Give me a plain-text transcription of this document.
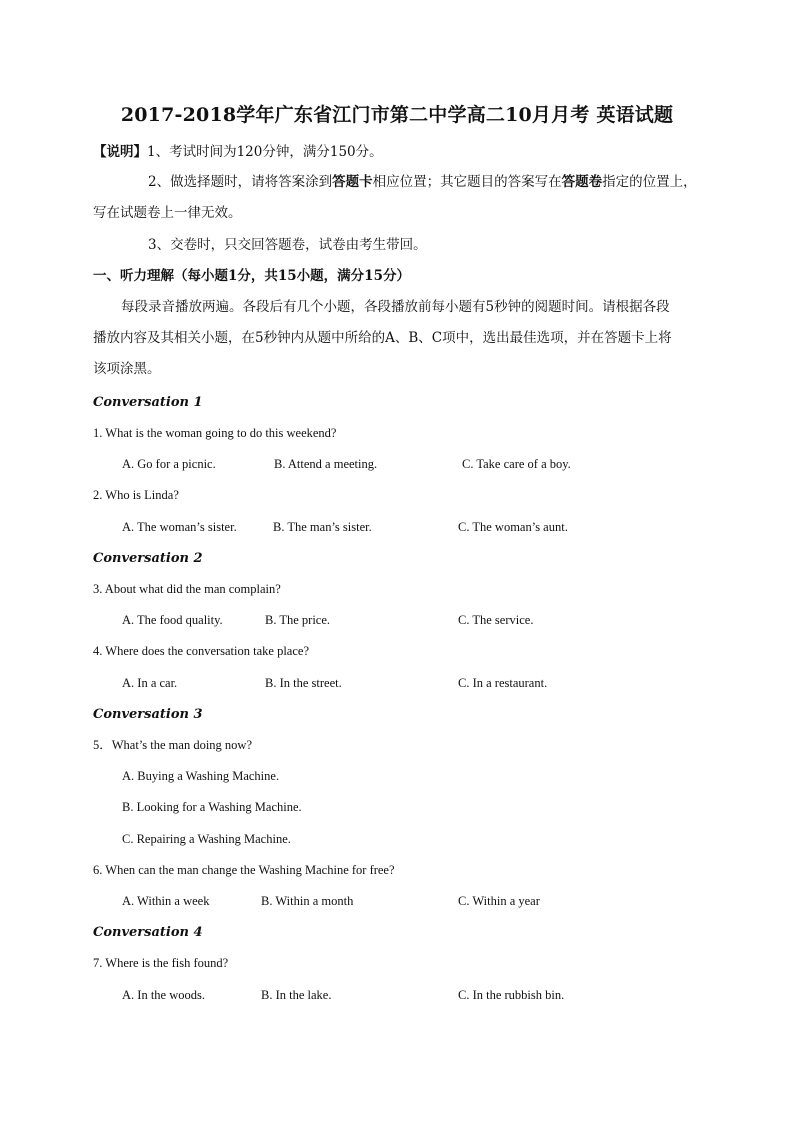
2017-2018学年广东省江门市第二中学高二10月月考 英语试题
【说明】1、考试时间为120分钟，满分150分。
2、做选择题时，请将答案涂到答题卡相应位置；其它题目的答案写在答题卷指定的位置上，
写在试题卷上一律无效。
3、交卷时，只交回答题卷，试卷由考生带回。
一、听力理解（每小题1分，共15小题，满分15分）
每段录音播放两遍。各段后有几个小题，各段播放前每小题有5秒钟的阅题时间。请根据各段
播放内容及其相关小题，在5秒钟内从题中所给的A、B、C项中，选出最佳选项，并在答题卡上将
该项涂黑。
Conversation 1
1. What is the woman going to do this weekend?
A. Go for a picnic.	B. Attend a meeting.	C. Take care of a boy.
2. Who is Linda?
A. The woman’s sister.	B. The man’s sister.	C. The woman’s aunt.
Conversation 2
3. About what did the man complain?
A. The food quality.	B. The price.	C. The service.
4. Where does the conversation take place?
A. In a car.	B. In the street.	C. In a restaurant.
Conversation 3
5．What’s the man doing now?
A. Buying a Washing Machine.
B. Looking for a Washing Machine.
C. Repairing a Washing Machine.
6. When can the man change the Washing Machine for free?
A. Within a week	B. Within a month	C. Within a year
Conversation 4
7. Where is the fish found?
A. In the woods.	B. In the lake.	C. In the rubbish bin.
